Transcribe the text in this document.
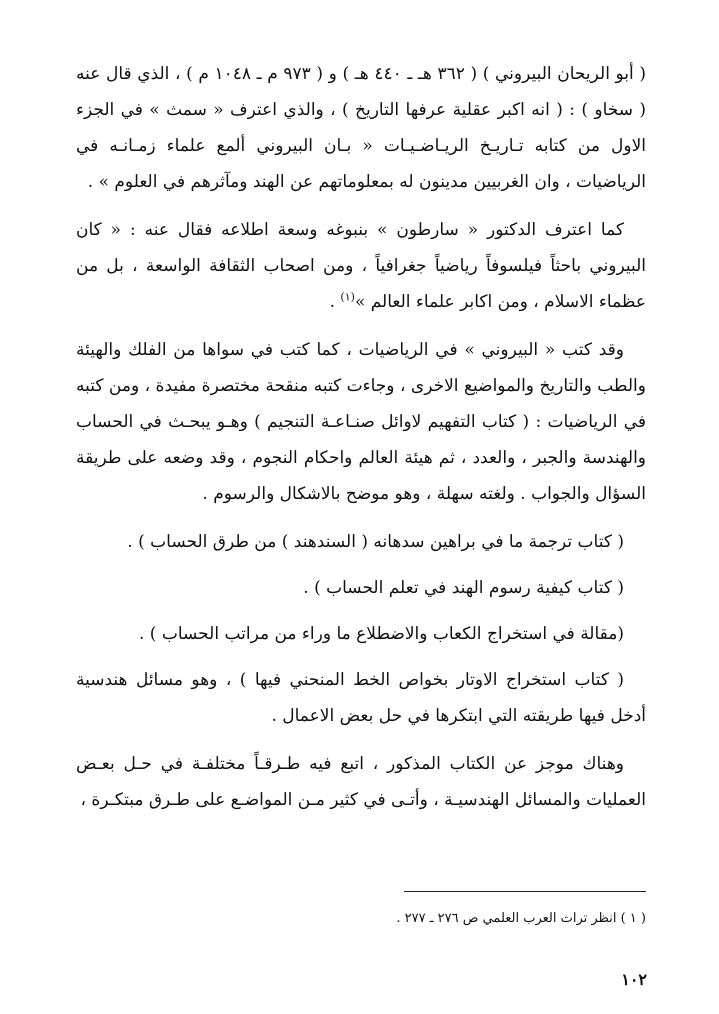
( أبو الريحان البيروني ) ( ٣٦٢ هـ ـ ٤٤٠ هـ ) و ( ٩٧٣ م ـ ١٠٤٨ م ) ، الذي قال عنه ( سخاو ) : ( انه اكبر عقلية عرفها التاريخ ) ، والذي اعترف « سمث » في الجزء الاول من كتابه تـاريـخ الريـاضـيـات « بـان البيروني ألمع علماء زمـانـه في الرياضيات ، وان الغربيين مدينون له بمعلوماتهم عن الهند ومآثرهم في العلوم » .

كما اعترف الدكتور « سارطون » بنبوغه وسعة اطلاعه فقال عنه : « كان البيروني باحثاً فيلسوفاً رياضياً جغرافياً ، ومن اصحاب الثقافة الواسعة ، بل من عظماء الاسلام ، ومن اكابر علماء العالم »$^{(١)}$ .

وقد كتب « البيروني » في الرياضيات ، كما كتب في سواها من الفلك والهيئة والطب والتاريخ والمواضيع الاخرى ، وجاءت كتبه منقحة مختصرة مفيدة ، ومن كتبه في الرياضيات : ( كتاب التفهيم لاوائل صنـاعـة التنجيم ) وهـو يبحـث في الحساب والهندسة والجبر ، والعدد ، ثم هيئة العالم واحكام النجوم ، وقد وضعه على طريقة السؤال والجواب . ولغته سهلة ، وهو موضح بالاشكال والرسوم .

( كتاب ترجمة ما في براهين سدهانه ( السندهند ) من طرق الحساب ) .

( كتاب كيفية رسوم الهند في تعلم الحساب ) .

(مقالة في استخراج الكعاب والاضطلاع ما وراء من مراتب الحساب ) .

( كتاب استخراج الاوتار بخواص الخط المنحني فيها ) ، وهو مسائل هندسية أدخل فيها طريقته التي ابتكرها في حل بعض الاعمال .

وهناك موجز عن الكتاب المذكور ، اتبع فيه طـرقـاً مختلفـة في حـل بعـض العمليات والمسائل الهندسيـة ، وأتـى في كثير مـن المواضـع على طـرق مبتكـرة ،

( ١ ) انظر تراث العرب العلمي ص ٢٧٦ ـ ٢٧٧ .
١٠٢
